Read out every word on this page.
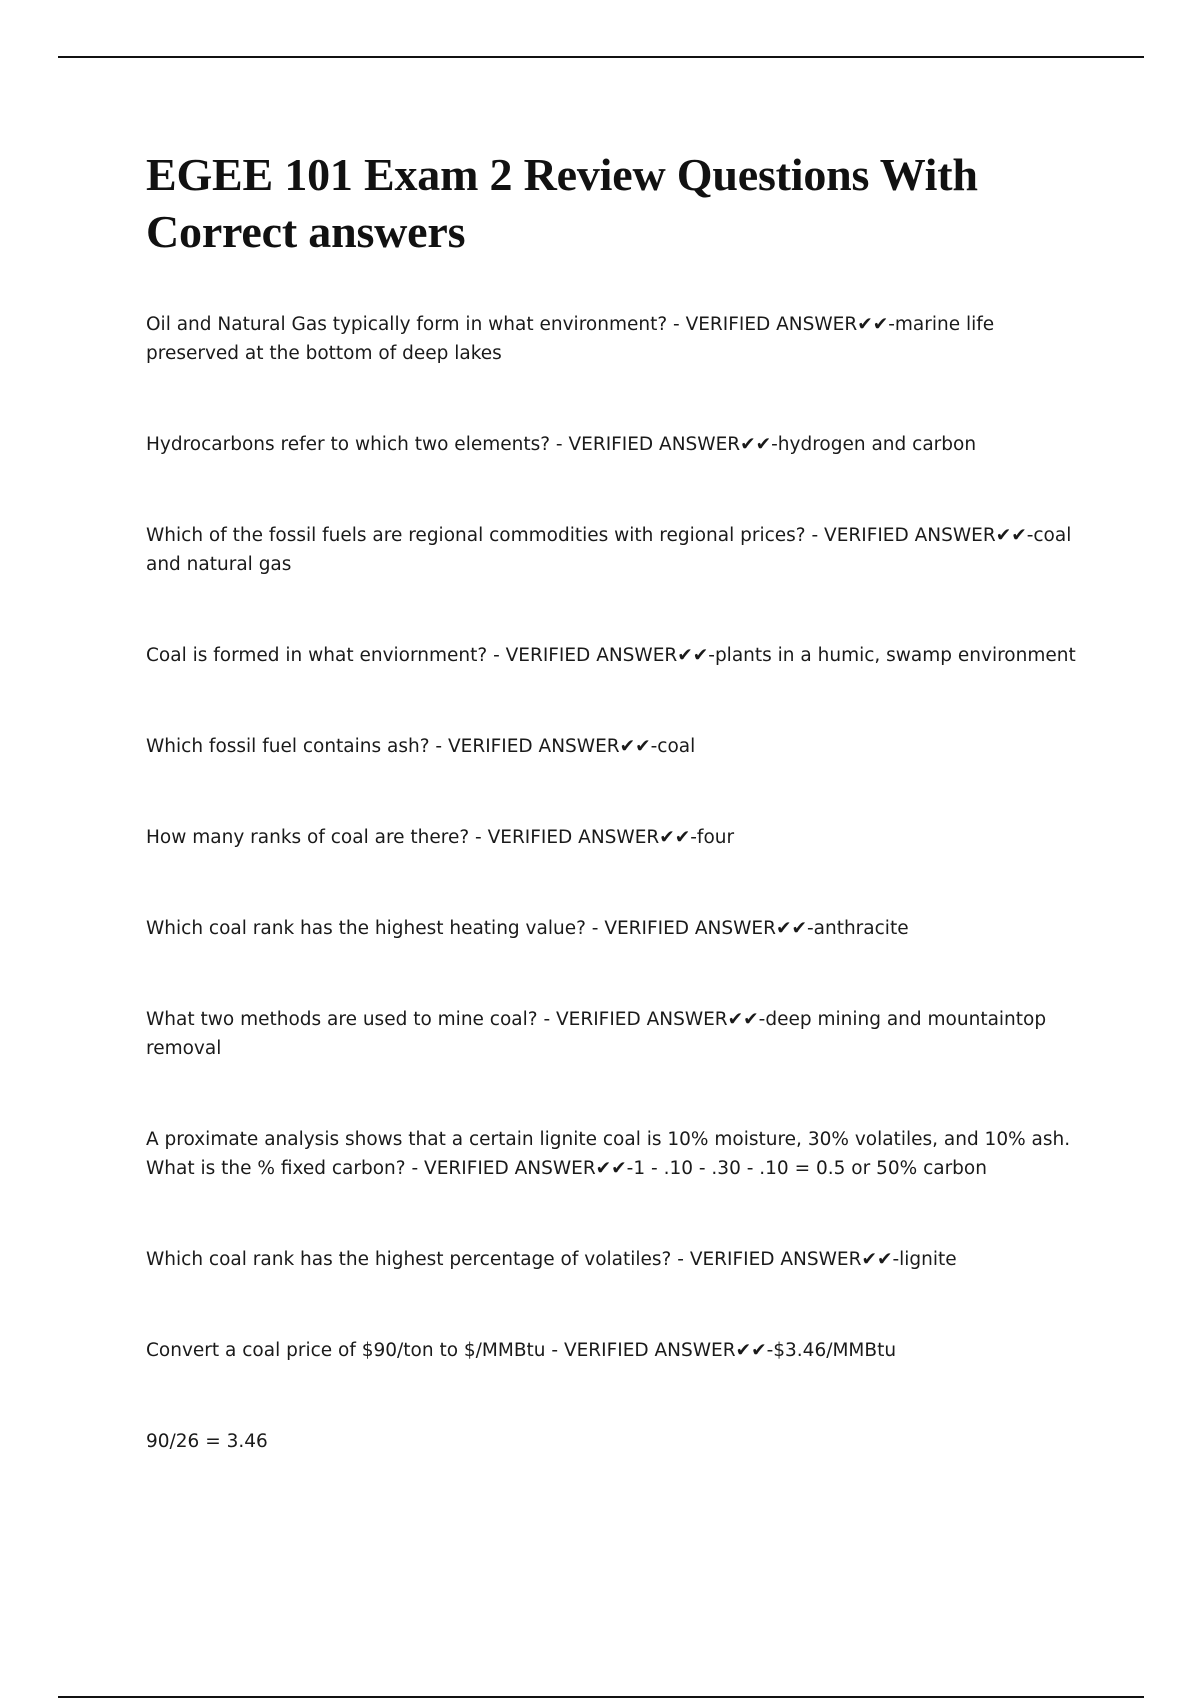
EGEE 101 Exam 2 Review Questions With Correct answers
Oil and Natural Gas typically form in what environment? - VERIFIED ANSWER✔✔-marine life preserved at the bottom of deep lakes
Hydrocarbons refer to which two elements? - VERIFIED ANSWER✔✔-hydrogen and carbon
Which of the fossil fuels are regional commodities with regional prices? - VERIFIED ANSWER✔✔-coal and natural gas
Coal is formed in what enviornment? - VERIFIED ANSWER✔✔-plants in a humic, swamp environment
Which fossil fuel contains ash? - VERIFIED ANSWER✔✔-coal
How many ranks of coal are there? - VERIFIED ANSWER✔✔-four
Which coal rank has the highest heating value? - VERIFIED ANSWER✔✔-anthracite
What two methods are used to mine coal? - VERIFIED ANSWER✔✔-deep mining and mountaintop removal
A proximate analysis shows that a certain lignite coal is 10% moisture, 30% volatiles, and 10% ash. What is the % fixed carbon? - VERIFIED ANSWER✔✔-1 - .10 - .30 - .10 = 0.5 or 50% carbon
Which coal rank has the highest percentage of volatiles? - VERIFIED ANSWER✔✔-lignite
Convert a coal price of $90/ton to $/MMBtu - VERIFIED ANSWER✔✔-$3.46/MMBtu
90/26 = 3.46
